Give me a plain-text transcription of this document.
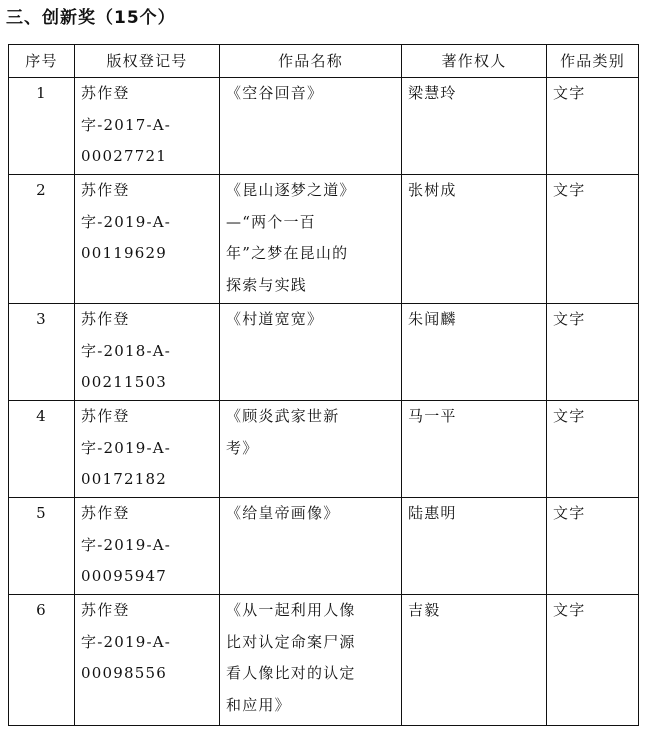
三、创新奖（15个）
序号	版权登记号	作品名称	著作权人	作品类别
1	苏作登
字-2017-A-
00027721	《空谷回音》	梁慧玲	文字
2	苏作登
字-2019-A-
00119629	《昆山逐梦之道》
—“两个一百
年”之梦在昆山的
探索与实践	张树成	文字
3	苏作登
字-2018-A-
00211503	《村道宽宽》	朱闻麟	文字
4	苏作登
字-2019-A-
00172182	《顾炎武家世新
考》	马一平	文字
5	苏作登
字-2019-A-
00095947	《给皇帝画像》	陆惠明	文字
6	苏作登
字-2019-A-
00098556	《从一起利用人像
比对认定命案尸源
看人像比对的认定
和应用》	吉毅	文字
